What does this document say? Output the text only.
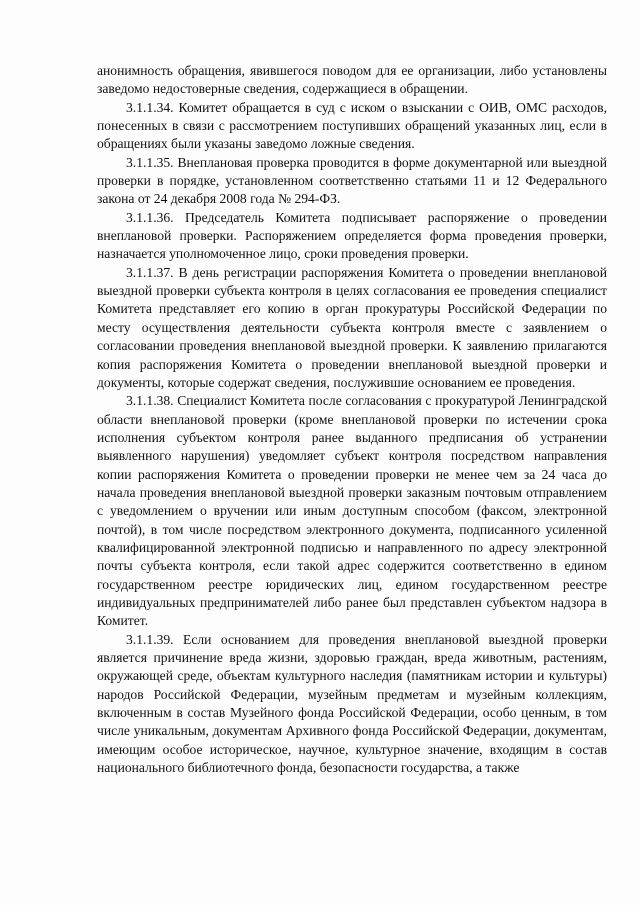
анонимность обращения, явившегося поводом для ее организации, либо установлены заведомо недостоверные сведения, содержащиеся в обращении.

3.1.1.34. Комитет обращается в суд с иском о взыскании с ОИВ, ОМС расходов, понесенных в связи с рассмотрением поступивших обращений указанных лиц, если в обращениях были указаны заведомо ложные сведения.

3.1.1.35. Внеплановая проверка проводится в форме документарной или выездной проверки в порядке, установленном соответственно статьями 11 и 12 Федерального закона от 24 декабря 2008 года № 294-ФЗ.

3.1.1.36. Председатель Комитета подписывает распоряжение о проведении внеплановой проверки. Распоряжением определяется форма проведения проверки, назначается уполномоченное лицо, сроки проведения проверки.

3.1.1.37. В день регистрации распоряжения Комитета о проведении внеплановой выездной проверки субъекта контроля в целях согласования ее проведения специалист Комитета представляет его копию в орган прокуратуры Российской Федерации по месту осуществления деятельности субъекта контроля вместе с заявлением о согласовании проведения внеплановой выездной проверки. К заявлению прилагаются копия распоряжения Комитета о проведении внеплановой выездной проверки и документы, которые содержат сведения, послужившие основанием ее проведения.

3.1.1.38. Специалист Комитета после согласования с прокуратурой Ленинградской области внеплановой проверки (кроме внеплановой проверки по истечении срока исполнения субъектом контроля ранее выданного предписания об устранении выявленного нарушения) уведомляет субъект контроля посредством направления копии распоряжения Комитета о проведении проверки не менее чем за 24 часа до начала проведения внеплановой выездной проверки заказным почтовым отправлением с уведомлением о вручении или иным доступным способом (факсом, электронной почтой), в том числе посредством электронного документа, подписанного усиленной квалифицированной электронной подписью и направленного по адресу электронной почты субъекта контроля, если такой адрес содержится соответственно в едином государственном реестре юридических лиц, едином государственном реестре индивидуальных предпринимателей либо ранее был представлен субъектом надзора в Комитет.

3.1.1.39. Если основанием для проведения внеплановой выездной проверки является причинение вреда жизни, здоровью граждан, вреда животным, растениям, окружающей среде, объектам культурного наследия (памятникам истории и культуры) народов Российской Федерации, музейным предметам и музейным коллекциям, включенным в состав Музейного фонда Российской Федерации, особо ценным, в том числе уникальным, документам Архивного фонда Российской Федерации, документам, имеющим особое историческое, научное, культурное значение, входящим в состав национального библиотечного фонда, безопасности государства, а также
